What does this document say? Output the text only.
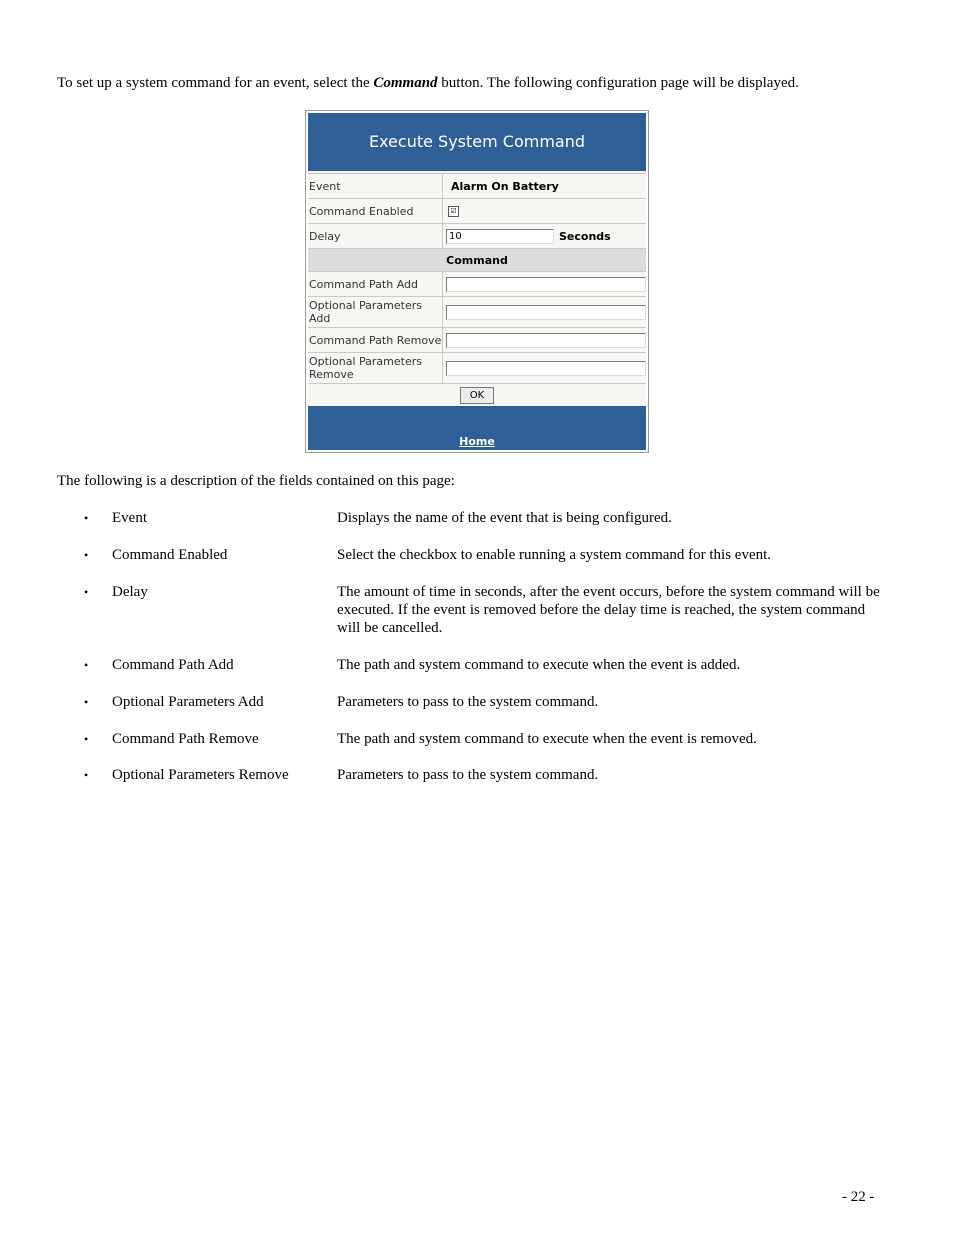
To set up a system command for an event, select the Command button. The following configuration page will be displayed.
Execute System Command
Event	Alarm On Battery
Command Enabled	☑
Delay	10	Seconds
Command
Command Path Add
Optional Parameters Add
Command Path Remove
Optional Parameters Remove
OK
Home
The following is a description of the fields contained on this page:
• Event	Displays the name of the event that is being configured.
• Command Enabled	Select the checkbox to enable running a system command for this event.
• Delay	The amount of time in seconds, after the event occurs, before the system command will be executed. If the event is removed before the delay time is reached, the system command will be cancelled.
• Command Path Add	The path and system command to execute when the event is added.
• Optional Parameters Add	Parameters to pass to the system command.
• Command Path Remove	The path and system command to execute when the event is removed.
• Optional Parameters Remove	Parameters to pass to the system command.
- 22 -
